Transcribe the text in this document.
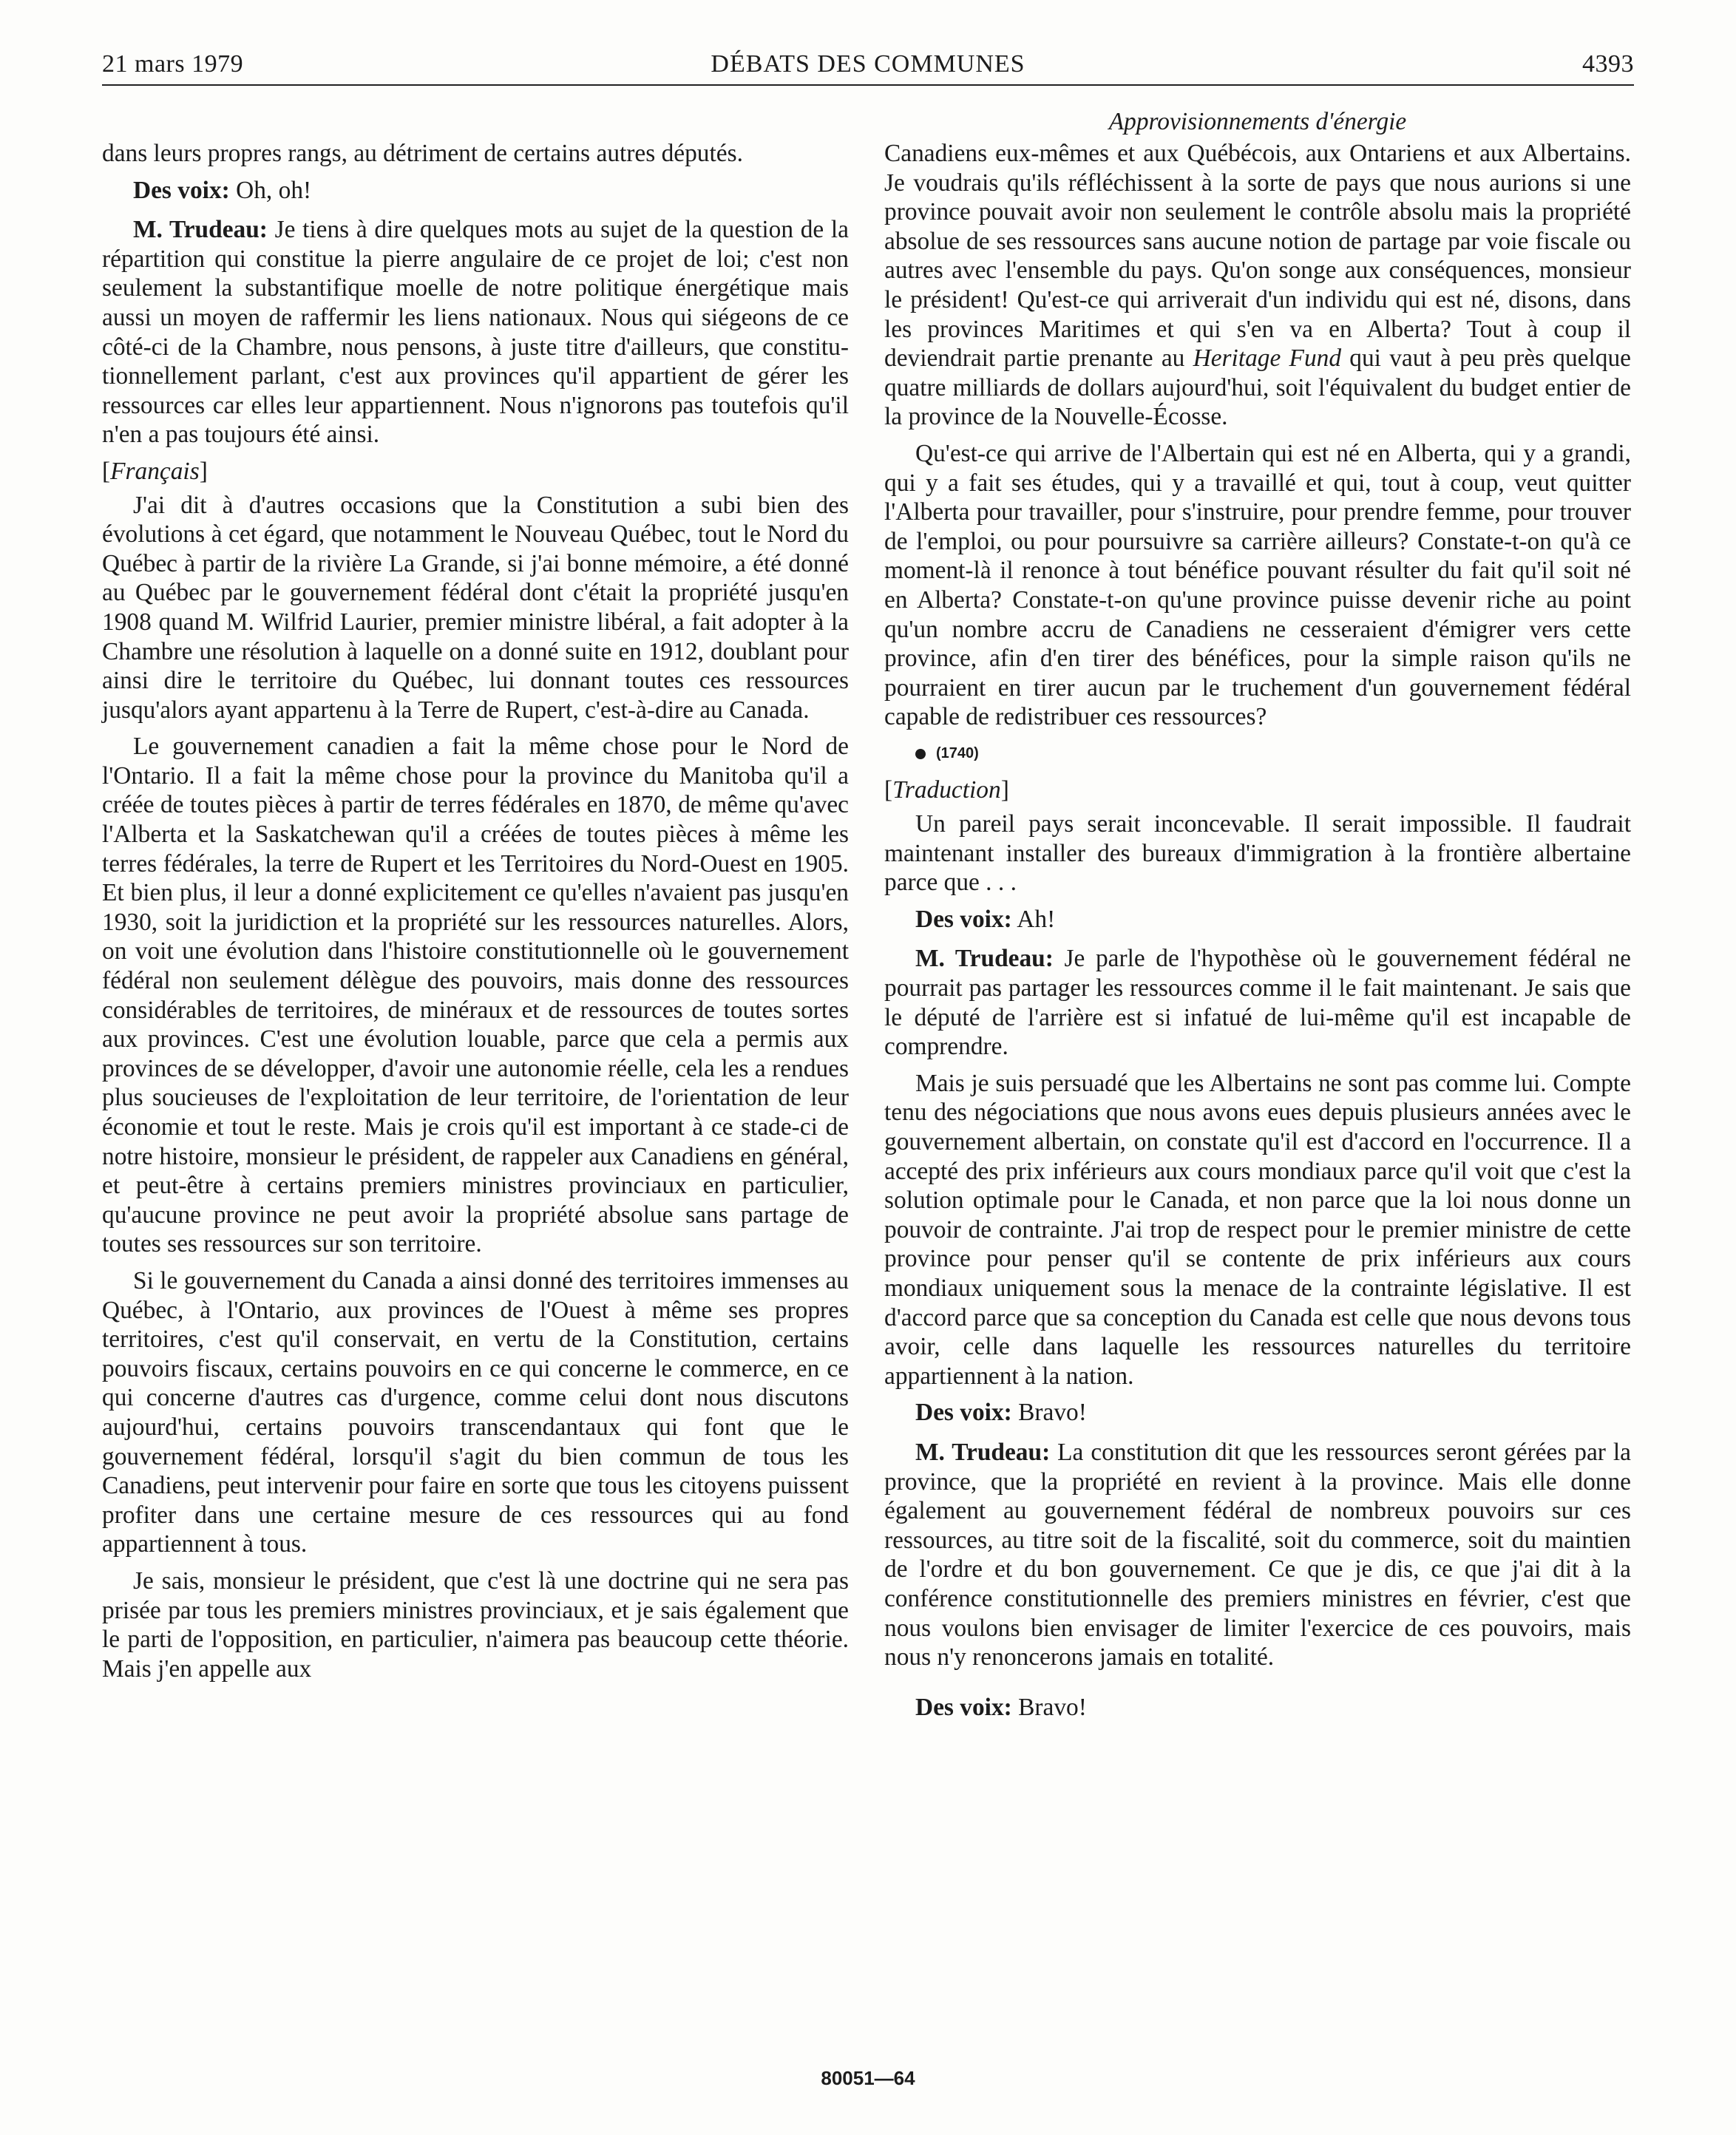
21 mars 1979	DÉBATS DES COMMUNES	4393
Approvisionnements d'énergie

dans leurs propres rangs, au détriment de certains autres députés.

Des voix: Oh, oh!

M. Trudeau: Je tiens à dire quelques mots au sujet de la question de la répartition qui constitue la pierre angulaire de ce projet de loi; c'est non seulement la substantifique moelle de notre politique énergétique mais aussi un moyen de raffermir les liens nationaux. Nous qui siégeons de ce côté-ci de la Chambre, nous pensons, à juste titre d'ailleurs, que constitutionnellement parlant, c'est aux provinces qu'il appartient de gérer les ressources car elles leur appartiennent. Nous n'ignorons pas toutefois qu'il n'en a pas toujours été ainsi.

[Français]

J'ai dit à d'autres occasions que la Constitution a subi bien des évolutions à cet égard, que notamment le Nouveau Québec, tout le Nord du Québec à partir de la rivière La Grande, si j'ai bonne mémoire, a été donné au Québec par le gouvernement fédéral dont c'était la propriété jusqu'en 1908 quand M. Wilfrid Laurier, premier ministre libéral, a fait adopter à la Chambre une résolution à laquelle on a donné suite en 1912, doublant pour ainsi dire le territoire du Québec, lui donnant toutes ces ressources jusqu'alors ayant appartenu à la Terre de Rupert, c'est-à-dire au Canada.

Le gouvernement canadien a fait la même chose pour le Nord de l'Ontario. Il a fait la même chose pour la province du Manitoba qu'il a créée de toutes pièces à partir de terres fédérales en 1870, de même qu'avec l'Alberta et la Saskatchewan qu'il a créées de toutes pièces à même les terres fédérales, la terre de Rupert et les Territoires du Nord-Ouest en 1905. Et bien plus, il leur a donné explicitement ce qu'elles n'avaient pas jusqu'en 1930, soit la juridiction et la propriété sur les ressources naturelles. Alors, on voit une évolution dans l'histoire constitutionnelle où le gouvernement fédéral non seulement délègue des pouvoirs, mais donne des ressources considérables de territoires, de minéraux et de ressources de toutes sortes aux provinces. C'est une évolution louable, parce que cela a permis aux provinces de se développer, d'avoir une autonomie réelle, cela les a rendues plus soucieuses de l'exploitation de leur territoire, de l'orientation de leur économie et tout le reste. Mais je crois qu'il est important à ce stade-ci de notre histoire, monsieur le président, de rappeler aux Canadiens en général, et peut-être à certains premiers ministres provinciaux en particulier, qu'aucune province ne peut avoir la propriété absolue sans partage de toutes ses ressources sur son territoire.

Si le gouvernement du Canada a ainsi donné des territoires immenses au Québec, à l'Ontario, aux provinces de l'Ouest à même ses propres territoires, c'est qu'il conservait, en vertu de la Constitution, certains pouvoirs fiscaux, certains pouvoirs en ce qui concerne le commerce, en ce qui concerne d'autres cas d'urgence, comme celui dont nous discutons aujourd'hui, certains pouvoirs transcendantaux qui font que le gouvernement fédéral, lorsqu'il s'agit du bien commun de tous les Canadiens, peut intervenir pour faire en sorte que tous les citoyens puissent profiter dans une certaine mesure de ces ressources qui au fond appartiennent à tous.

Je sais, monsieur le président, que c'est là une doctrine qui ne sera pas prisée par tous les premiers ministres provinciaux, et je sais également que le parti de l'opposition, en particulier, n'aimera pas beaucoup cette théorie. Mais j'en appelle aux

Canadiens eux-mêmes et aux Québécois, aux Ontariens et aux Albertains. Je voudrais qu'ils réfléchissent à la sorte de pays que nous aurions si une province pouvait avoir non seulement le contrôle absolu mais la propriété absolue de ses ressources sans aucune notion de partage par voie fiscale ou autres avec l'ensemble du pays. Qu'on songe aux conséquences, monsieur le président! Qu'est-ce qui arriverait d'un individu qui est né, disons, dans les provinces Maritimes et qui s'en va en Alberta? Tout à coup il deviendrait partie prenante au Heritage Fund qui vaut à peu près quelque quatre milliards de dollars aujourd'hui, soit l'équivalent du budget entier de la province de la Nouvelle-Écosse.

Qu'est-ce qui arrive de l'Albertain qui est né en Alberta, qui y a grandi, qui y a fait ses études, qui y a travaillé et qui, tout à coup, veut quitter l'Alberta pour travailler, pour s'instruire, pour prendre femme, pour trouver de l'emploi, ou pour poursuivre sa carrière ailleurs? Constate-t-on qu'à ce moment-là il renonce à tout bénéfice pouvant résulter du fait qu'il soit né en Alberta? Constate-t-on qu'une province puisse devenir riche au point qu'un nombre accru de Canadiens ne cesseraient d'émigrer vers cette province, afin d'en tirer des bénéfices, pour la simple raison qu'ils ne pourraient en tirer aucun par le truchement d'un gouvernement fédéral capable de redistribuer ces ressources?

(1740)

[Traduction]

Un pareil pays serait inconcevable. Il serait impossible. Il faudrait maintenant installer des bureaux d'immigration à la frontière albertaine parce que . . .

Des voix: Ah!

M. Trudeau: Je parle de l'hypothèse où le gouvernement fédéral ne pourrait pas partager les ressources comme il le fait maintenant. Je sais que le député de l'arrière est si infatué de lui-même qu'il est incapable de comprendre.

Mais je suis persuadé que les Albertains ne sont pas comme lui. Compte tenu des négociations que nous avons eues depuis plusieurs années avec le gouvernement albertain, on constate qu'il est d'accord en l'occurrence. Il a accepté des prix inférieurs aux cours mondiaux parce qu'il voit que c'est la solution optimale pour le Canada, et non parce que la loi nous donne un pouvoir de contrainte. J'ai trop de respect pour le premier ministre de cette province pour penser qu'il se contente de prix inférieurs aux cours mondiaux uniquement sous la menace de la contrainte législative. Il est d'accord parce que sa conception du Canada est celle que nous devons tous avoir, celle dans laquelle les ressources naturelles du territoire appartiennent à la nation.

Des voix: Bravo!

M. Trudeau: La constitution dit que les ressources seront gérées par la province, que la propriété en revient à la province. Mais elle donne également au gouvernement fédéral de nombreux pouvoirs sur ces ressources, au titre soit de la fiscalité, soit du commerce, soit du maintien de l'ordre et du bon gouvernement. Ce que je dis, ce que j'ai dit à la conférence constitutionnelle des premiers ministres en février, c'est que nous voulons bien envisager de limiter l'exercice de ces pouvoirs, mais nous n'y renoncerons jamais en totalité.

Des voix: Bravo!

80051—64
